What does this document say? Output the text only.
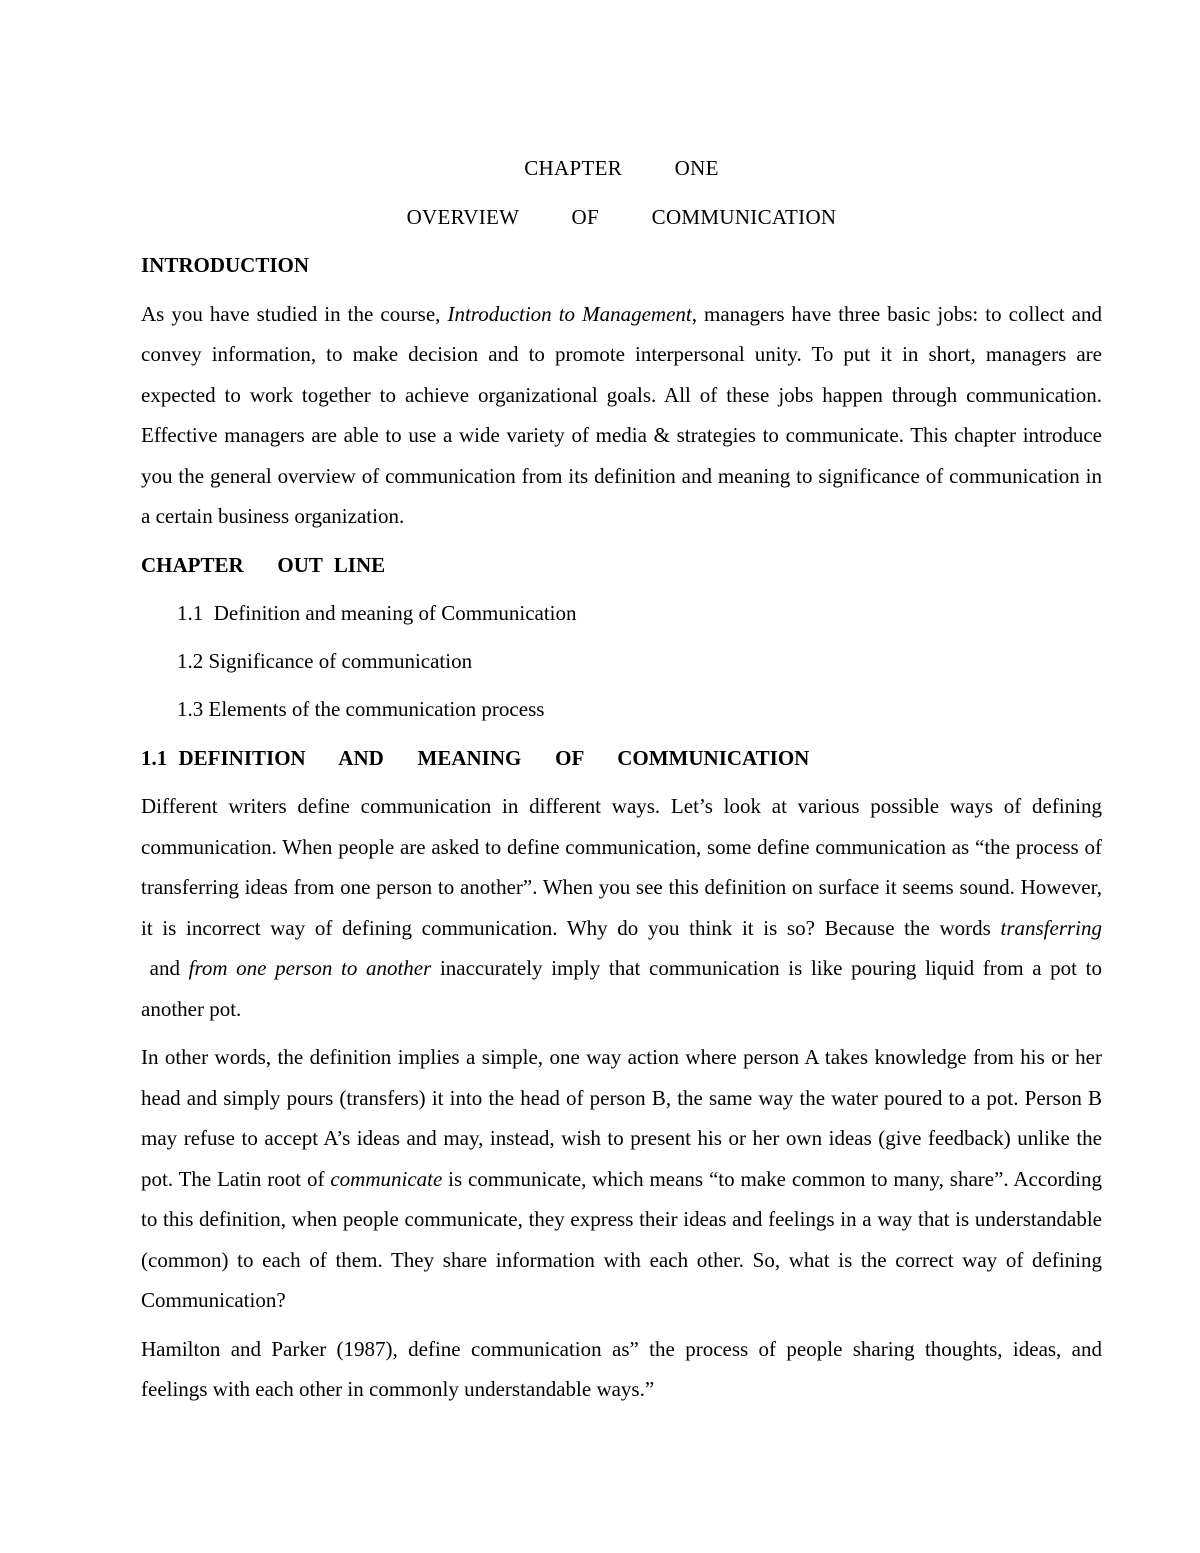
CHAPTER   ONE
OVERVIEW   OF   COMMUNICATION
INTRODUCTION

As you have studied in the course, Introduction to Management, managers have three basic jobs: to collect and convey information, to make decision and to promote interpersonal unity. To put it in short, managers are expected to work together to achieve organizational goals. All of these jobs happen through communication. Effective managers are able to use a wide variety of media & strategies to communicate. This chapter introduce you the general overview of communication from its definition and meaning to significance of communication in a certain business organization.

CHAPTER   OUT LINE
1.1  Definition and meaning of Communication
1.2 Significance of communication
1.3 Elements of the communication process
1.1 DEFINITION   AND   MEANING   OF   COMMUNICATION

Different writers define communication in different ways. Let’s look at various possible ways of defining communication. When people are asked to define communication, some define communication as “the process of transferring ideas from one person to another”. When you see this definition on surface it seems sound. However, it is incorrect way of defining communication. Why do you think it is so? Because the words transferring and from one person to another inaccurately imply that communication is like pouring liquid from a pot to another pot.

In other words, the definition implies a simple, one way action where person A takes knowledge from his or her head and simply pours (transfers) it into the head of person B, the same way the water poured to a pot. Person B may refuse to accept A’s ideas and may, instead, wish to present his or her own ideas (give feedback) unlike the pot. The Latin root of communicate is communicate, which means “to make common to many, share”. According to this definition, when people communicate, they express their ideas and feelings in a way that is understandable (common) to each of them. They share information with each other. So, what is the correct way of defining Communication?

Hamilton and Parker (1987), define communication as” the process of people sharing thoughts, ideas, and feelings with each other in commonly understandable ways.”
